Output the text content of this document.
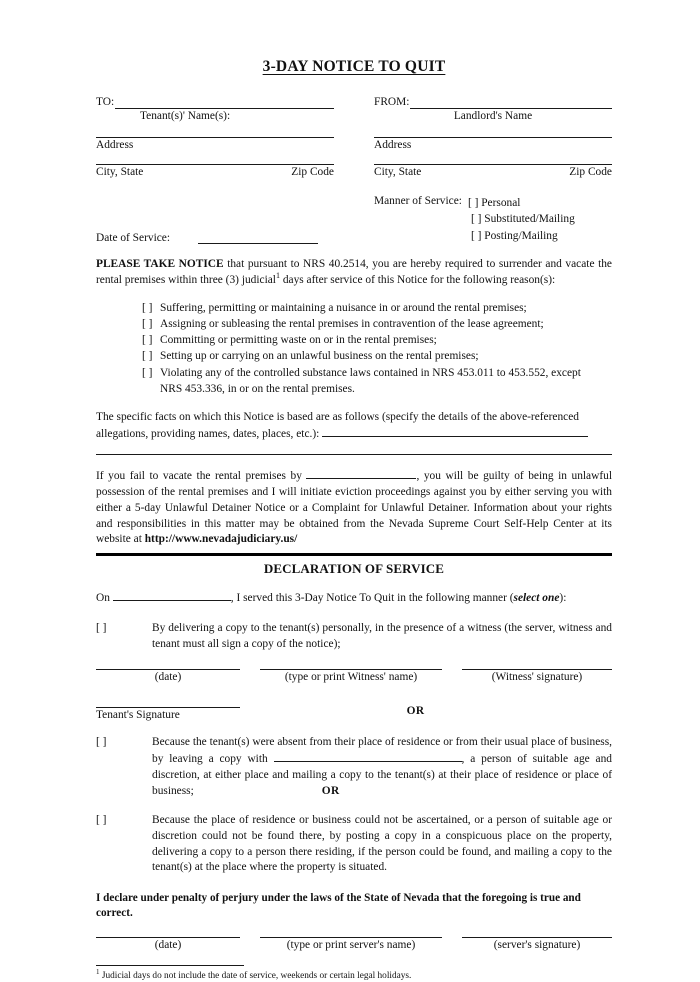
3-DAY NOTICE TO QUIT
TO:
Tenant(s)' Name(s):
Address
City, State	Zip Code
FROM:
Landlord's Name
Address
City, State	Zip Code
Date of Service:
Manner of Service: [ ] Personal
[ ] Substituted/Mailing
[ ] Posting/Mailing

PLEASE TAKE NOTICE that pursuant to NRS 40.2514, you are hereby required to surrender and vacate the rental premises within three (3) judicial$^1$ days after service of this Notice for the following reason(s):

[ ] Suffering, permitting or maintaining a nuisance in or around the rental premises;
[ ] Assigning or subleasing the rental premises in contravention of the lease agreement;
[ ] Committing or permitting waste on or in the rental premises;
[ ] Setting up or carrying on an unlawful business on the rental premises;
[ ] Violating any of the controlled substance laws contained in NRS 453.011 to 453.552, except
NRS 453.336, in or on the rental premises.

The specific facts on which this Notice is based are as follows (specify the details of the above-referenced allegations, providing names, dates, places, etc.):

If you fail to vacate the rental premises by	, you will be guilty of being in unlawful possession of the rental premises and I will initiate eviction proceedings against you by either serving you with either a 5-day Unlawful Detainer Notice or a Complaint for Unlawful Detainer. Information about your rights and responsibilities in this matter may be obtained from the Nevada Supreme Court Self-Help Center at its website at http://www.nevadajudiciary.us/

DECLARATION OF SERVICE

On	, I served this 3-Day Notice To Quit in the following manner (select one):

[ ]	By delivering a copy to the tenant(s) personally, in the presence of a witness (the server, witness and tenant must all sign a copy of the notice);
(date)	(type or print Witness' name)	(Witness' signature)
Tenant's Signature	OR
[ ]	Because the tenant(s) were absent from their place of residence or from their usual place of business, by leaving a copy with	, a person of suitable age and discretion, at either place and mailing a copy to the tenant(s) at their place of residence or place of business;	OR
[ ]	Because the place of residence or business could not be ascertained, or a person of suitable age or discretion could not be found there, by posting a copy in a conspicuous place on the property, delivering a copy to a person there residing, if the person could be found, and mailing a copy to the tenant(s) at the place where the property is situated.
I declare under penalty of perjury under the laws of the State of Nevada that the foregoing is true and correct.
(date)	(type or print server's name)	(server's signature)
$^1$ Judicial days do not include the date of service, weekends or certain legal holidays.
